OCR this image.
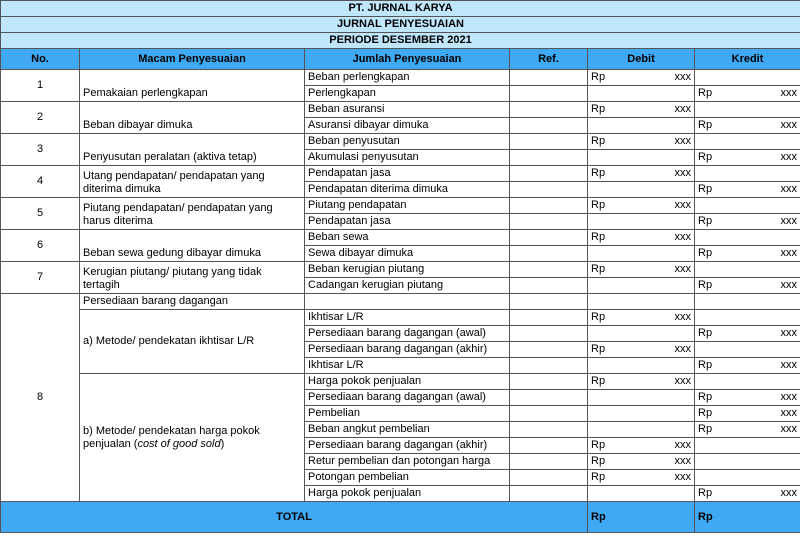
PT. JURNAL KARYA					
JURNAL PENYESUAIAN					
PERIODE DESEMBER 2021					
No.	Macam Penyesuaian	Jumlah Penyesuaian	Ref.	Debit	Kredit
1	Pemakaian perlengkapan	Beban perlengkapan		Rp xxx	

		Perlengkapan			Rp xxx

2	Beban dibayar dimuka	Beban asuransi		Rp xxx	

		Asuransi dibayar dimuka			Rp xxx

3	Penyusutan peralatan (aktiva tetap)	Beban penyusutan		Rp xxx	

		Akumulasi penyusutan			Rp xxx

4	Utang pendapatan/ pendapatan yang diterima dimuka	Pendapatan jasa		Rp xxx	

		Pendapatan diterima dimuka			Rp xxx

5	Piutang pendapatan/ pendapatan yang harus diterima	Piutang pendapatan		Rp xxx	

		Pendapatan jasa			Rp xxx

6	Beban sewa gedung dibayar dimuka	Beban sewa		Rp xxx	

		Sewa dibayar dimuka			Rp xxx

7	Kerugian piutang/ piutang yang tidak tertagih	Beban kerugian piutang		Rp xxx	

		Cadangan kerugian piutang			Rp xxx

8	Persediaan barang dagangan				
	a) Metode/ pendekatan ikhtisar L/R	Ikhtisar L/R		Rp xxx	

		Persediaan barang dagangan (awal)			Rp xxx

		Persediaan barang dagangan (akhir)		Rp xxx	

		Ikhtisar L/R			Rp xxx

	b) Metode/ pendekatan harga pokok penjualan (cost of good sold)	Harga pokok penjualan		Rp xxx	

		Persediaan barang dagangan (awal)			Rp xxx

		Pembelian			Rp xxx

		Beban angkut pembelian			Rp xxx

		Persediaan barang dagangan (akhir)		Rp xxx	

		Retur pembelian dan potongan harga		Rp xxx	

		Potongan pembelian		Rp xxx	

		Harga pokok penjualan			Rp xxx

TOTAL				Rp	Rp
